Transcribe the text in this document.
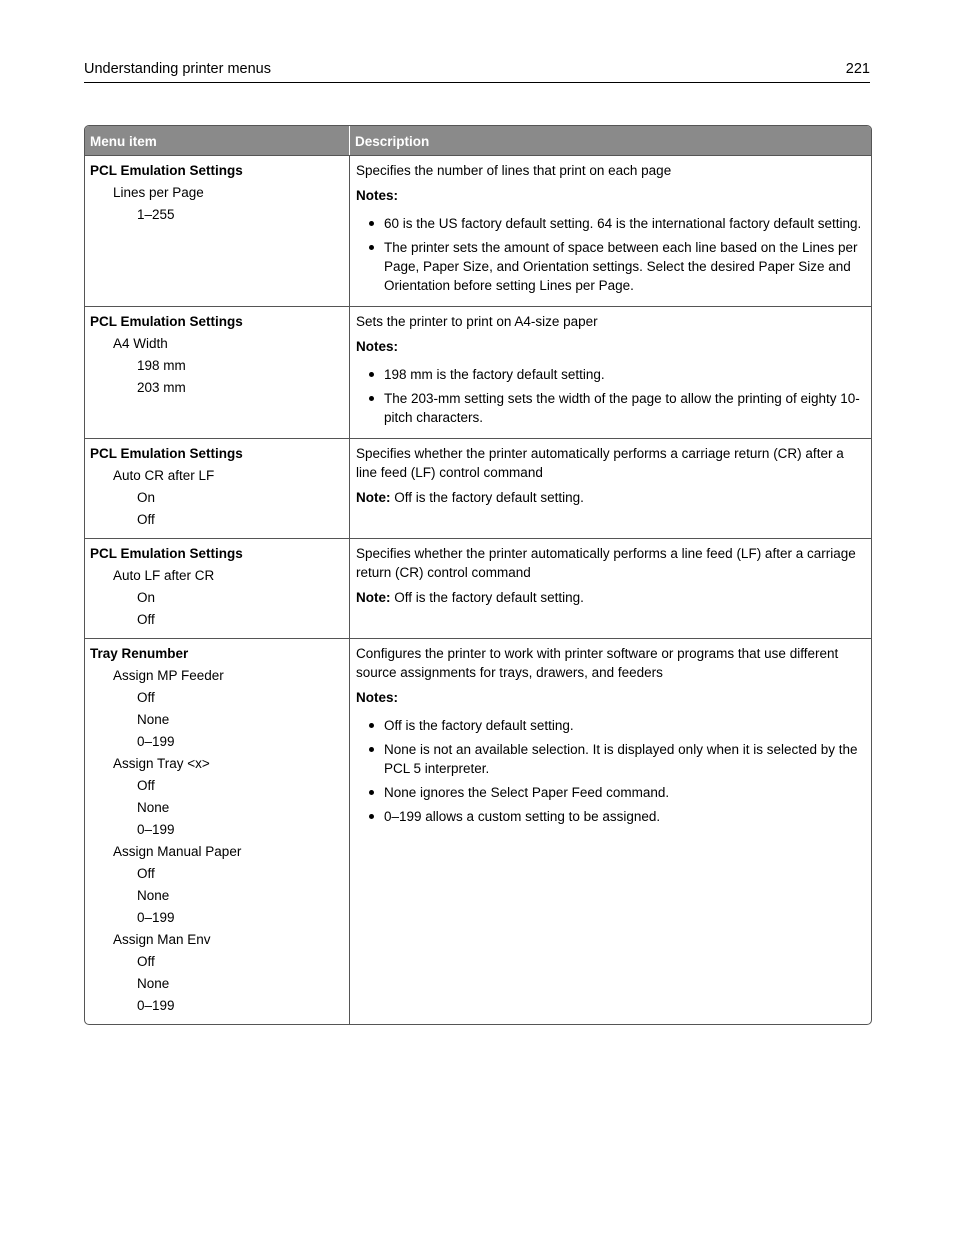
Understanding printer menus	221
Menu item	Description
PCL Emulation Settings
Lines per Page
1–255
Specifies the number of lines that print on each page
Notes:
60 is the US factory default setting. 64 is the international factory default setting.
The printer sets the amount of space between each line based on the Lines per Page, Paper Size, and Orientation settings. Select the desired Paper Size and Orientation before setting Lines per Page.
PCL Emulation Settings
A4 Width
198 mm
203 mm
Sets the printer to print on A4-size paper
Notes:
198 mm is the factory default setting.
The 203-mm setting sets the width of the page to allow the printing of eighty 10-pitch characters.
PCL Emulation Settings
Auto CR after LF
On
Off
Specifies whether the printer automatically performs a carriage return (CR) after a line feed (LF) control command
Note: Off is the factory default setting.
PCL Emulation Settings
Auto LF after CR
On
Off
Specifies whether the printer automatically performs a line feed (LF) after a carriage return (CR) control command
Note: Off is the factory default setting.
Tray Renumber
Assign MP Feeder
Off
None
0–199
Assign Tray <x>
Off
None
0–199
Assign Manual Paper
Off
None
0–199
Assign Man Env
Off
None
0–199
Configures the printer to work with printer software or programs that use different source assignments for trays, drawers, and feeders
Notes:
Off is the factory default setting.
None is not an available selection. It is displayed only when it is selected by the PCL 5 interpreter.
None ignores the Select Paper Feed command.
0–199 allows a custom setting to be assigned.
